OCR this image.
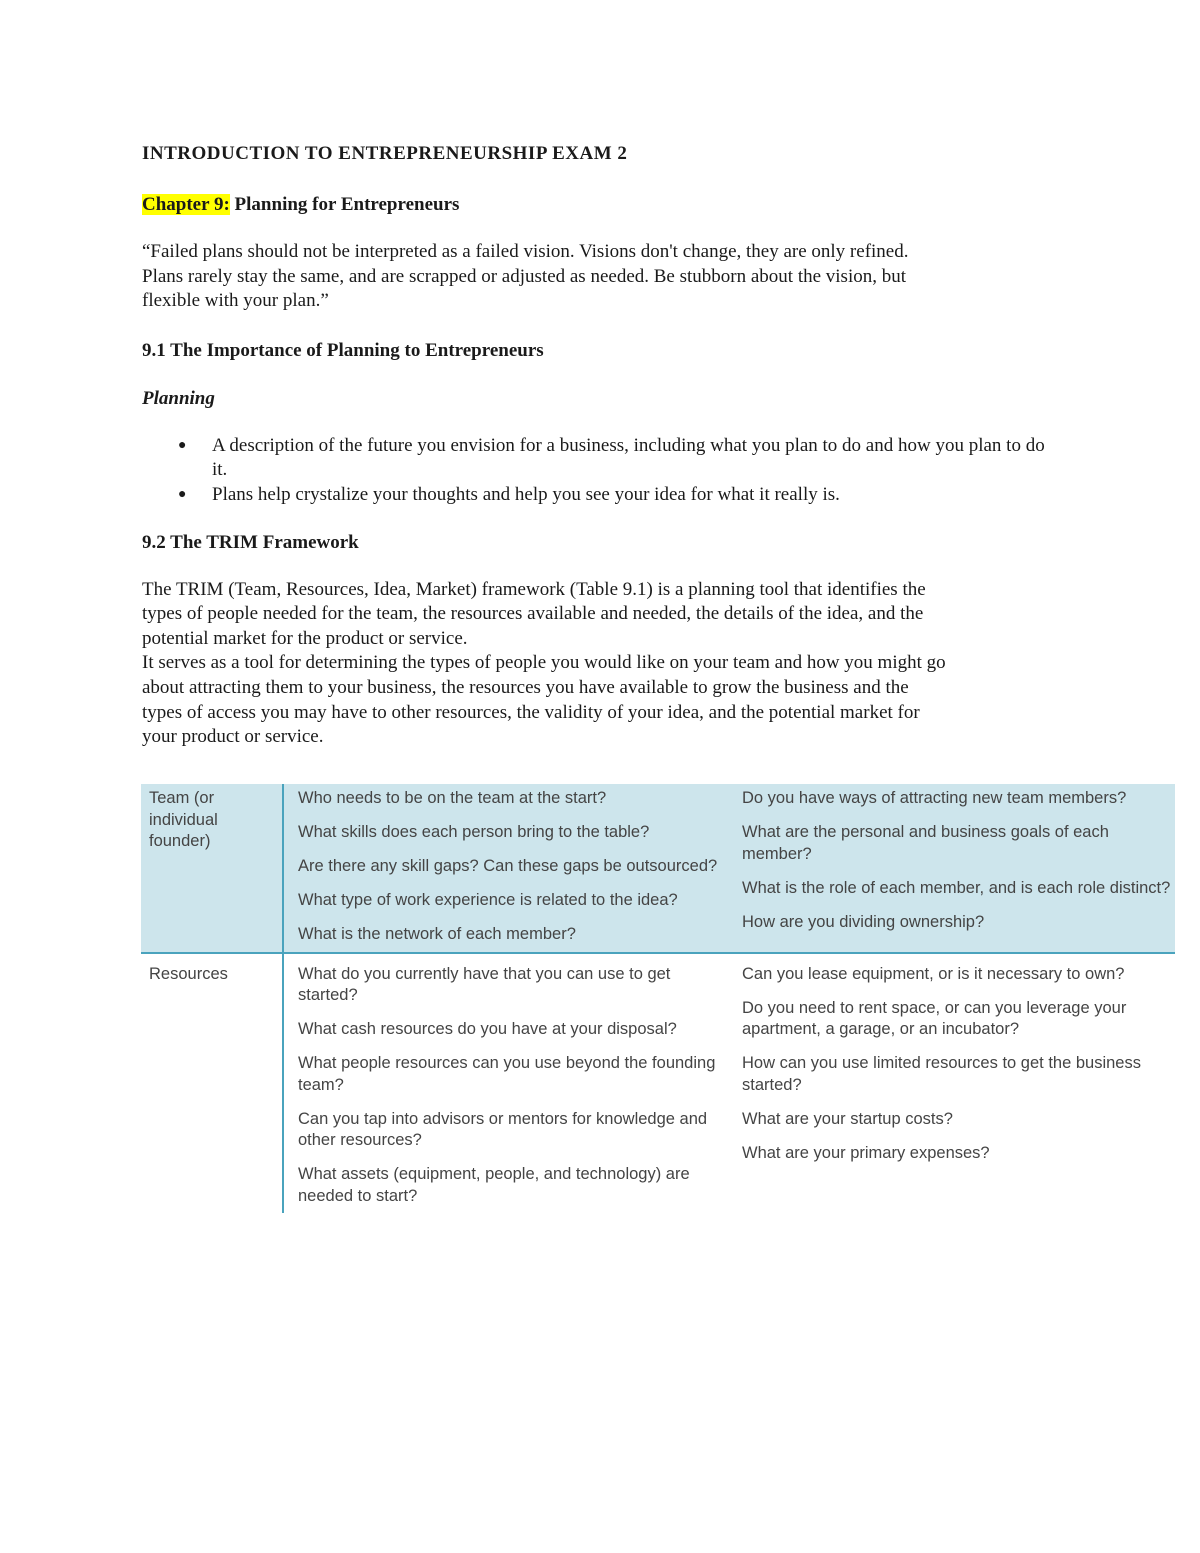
INTRODUCTION TO ENTREPRENEURSHIP EXAM 2
Chapter 9: Planning for Entrepreneurs

“Failed plans should not be interpreted as a failed vision. Visions don't change, they are only refined.

Plans rarely stay the same, and are scrapped or adjusted as needed. Be stubborn about the vision, but

flexible with your plan.”

9.1 The Importance of Planning to Entrepreneurs
Planning
● A description of the future you envision for a business, including what you plan to do and how you plan to do it.
● Plans help crystalize your thoughts and help you see your idea for what it really is.
9.2 The TRIM Framework

The TRIM (Team, Resources, Idea, Market) framework (Table 9.1) is a planning tool that identifies the

types of people needed for the team, the resources available and needed, the details of the idea, and the

potential market for the product or service.

It serves as a tool for determining the types of people you would like on your team and how you might go

about attracting them to your business, the resources you have available to grow the business and the

types of access you may have to other resources, the validity of your idea, and the potential market for

your product or service.

Team (or individual founder)
Who needs to be on the team at the start?
What skills does each person bring to the table?
Are there any skill gaps? Can these gaps be outsourced?
What type of work experience is related to the idea?
What is the network of each member?
Do you have ways of attracting new team members?
What are the personal and business goals of each member?
What is the role of each member, and is each role distinct?
How are you dividing ownership?
Resources	What do you currently have that you can use to get started?
What cash resources do you have at your disposal?
What people resources can you use beyond the founding team?
Can you tap into advisors or mentors for knowledge and other resources?
What assets (equipment, people, and technology) are needed to start?
Can you lease equipment, or is it necessary to own?
Do you need to rent space, or can you leverage your apartment, a garage, or an incubator?
How can you use limited resources to get the business started?
What are your startup costs?
What are your primary expenses?
